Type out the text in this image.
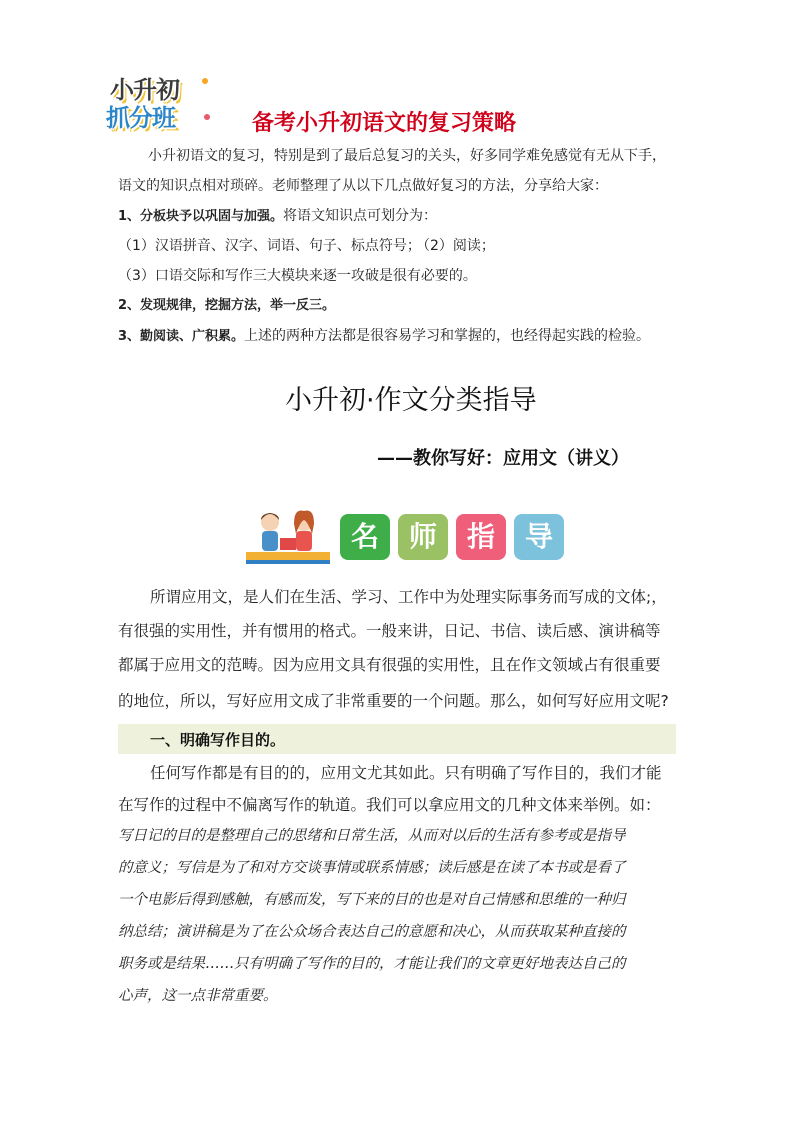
小升初
抓分班	备考小升初语文的复习策略
小升初语文的复习，特别是到了最后总复习的关头，好多同学难免感觉有无从下手，
语文的知识点相对琐碎。老师整理了从以下几点做好复习的方法，分享给大家：
1、分板块予以巩固与加强。将语文知识点可划分为：
（1）汉语拼音、汉字、词语、句子、标点符号；
（2）阅读；
（3）口语交际和写作三大模块来逐一攻破是很有必要的。
2、发现规律，挖掘方法，举一反三。
3、勤阅读、广积累。上述的两种方法都是很容易学习和掌握的，也经得起实践的检验。
小升初·作文分类指导
——教你写好：应用文（讲义）
名	师	指	导
所谓应用文，是人们在生活、学习、工作中为处理实际事务而写成的文体;，
有很强的实用性，并有惯用的格式。一般来讲，日记、书信、读后感、演讲稿等
都属于应用文的范畴。因为应用文具有很强的实用性，且在作文领域占有很重要
的地位，所以，写好应用文成了非常重要的一个问题。那么，如何写好应用文呢?
一、明确写作目的。
任何写作都是有目的的，应用文尤其如此。只有明确了写作目的，我们才能
在写作的过程中不偏离写作的轨道。我们可以拿应用文的几种文体来举例。如：
写日记的目的是整理自己的思绪和日常生活，从而对以后的生活有参考或是指导
的意义；写信是为了和对方交谈事情或联系情感；读后感是在读了本书或是看了
一个电影后得到感触，有感而发，写下来的目的也是对自己情感和思维的一种归
纳总结；演讲稿是为了在公众场合表达自己的意愿和决心，从而获取某种直接的
职务或是结果……只有明确了写作的目的，才能让我们的文章更好地表达自己的
心声，这一点非常重要。
